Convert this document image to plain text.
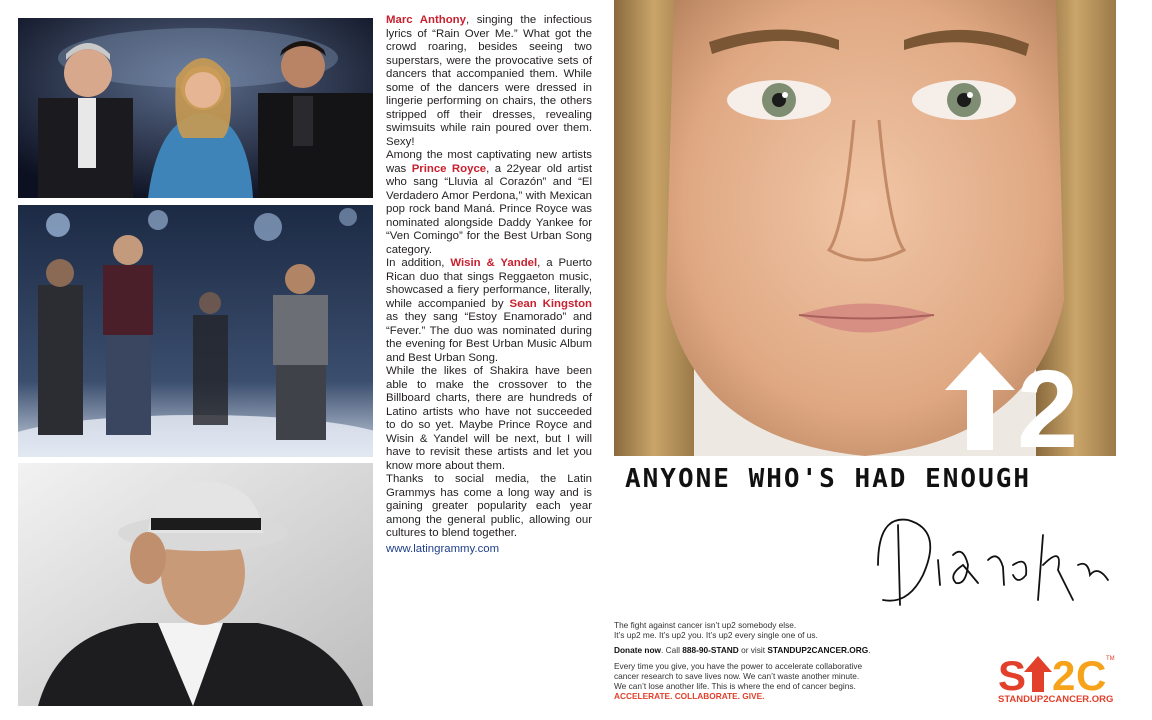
Marc Anthony, singing the infectious lyrics of “Rain Over Me.” What got the crowd roaring, besides seeing two superstars, were the provocative sets of dancers that accompanied them. While some of the dancers were dressed in lingerie performing on chairs, the others stripped off their dresses, revealing swimsuits while rain poured over them. Sexy!

Among the most captivating new artists was Prince Royce, a 22year old artist who sang “Lluvia al Corazón” and “El Verdadero Amor Perdona,” with Mexican pop rock band Maná. Prince Royce was nominated alongside Daddy Yankee for “Ven Comingo” for the Best Urban Song category.

In addition, Wisin & Yandel, a Puerto Rican duo that sings Reggaeton music, showcased a fiery performance, literally, while accompanied by Sean Kingston as they sang “Estoy Enamorado” and “Fever.” The duo was nominated during the evening for Best Urban Music Album and Best Urban Song.

While the likes of Shakira have been able to make the crossover to the Billboard charts, there are hundreds of Latino artists who have not succeeded to do so yet. Maybe Prince Royce and Wisin & Yandel will be next, but I will have to revisit these artists and let you know more about them.

Thanks to social media, the Latin Grammys has come a long way and is gaining greater popularity each year among the general public, allowing our cultures to blend together.

www.latingrammy.com
2
ANYONE WHO'S HAD ENOUGH

The fight against cancer isn’t up2 somebody else.

It’s up2 me. It’s up2 you. It’s up2 every single one of us.

Donate now. Call 888-90-STAND or visit STANDUP2CANCER.ORG.

Every time you give, you have the power to accelerate collaborative

cancer research to save lives now. We can’t waste another minute.

We can’t lose another life. This is where the end of cancer begins.

ACCELERATE. COLLABORATE. GIVE.	S 2 C TM
STANDUP2CANCER.ORG
